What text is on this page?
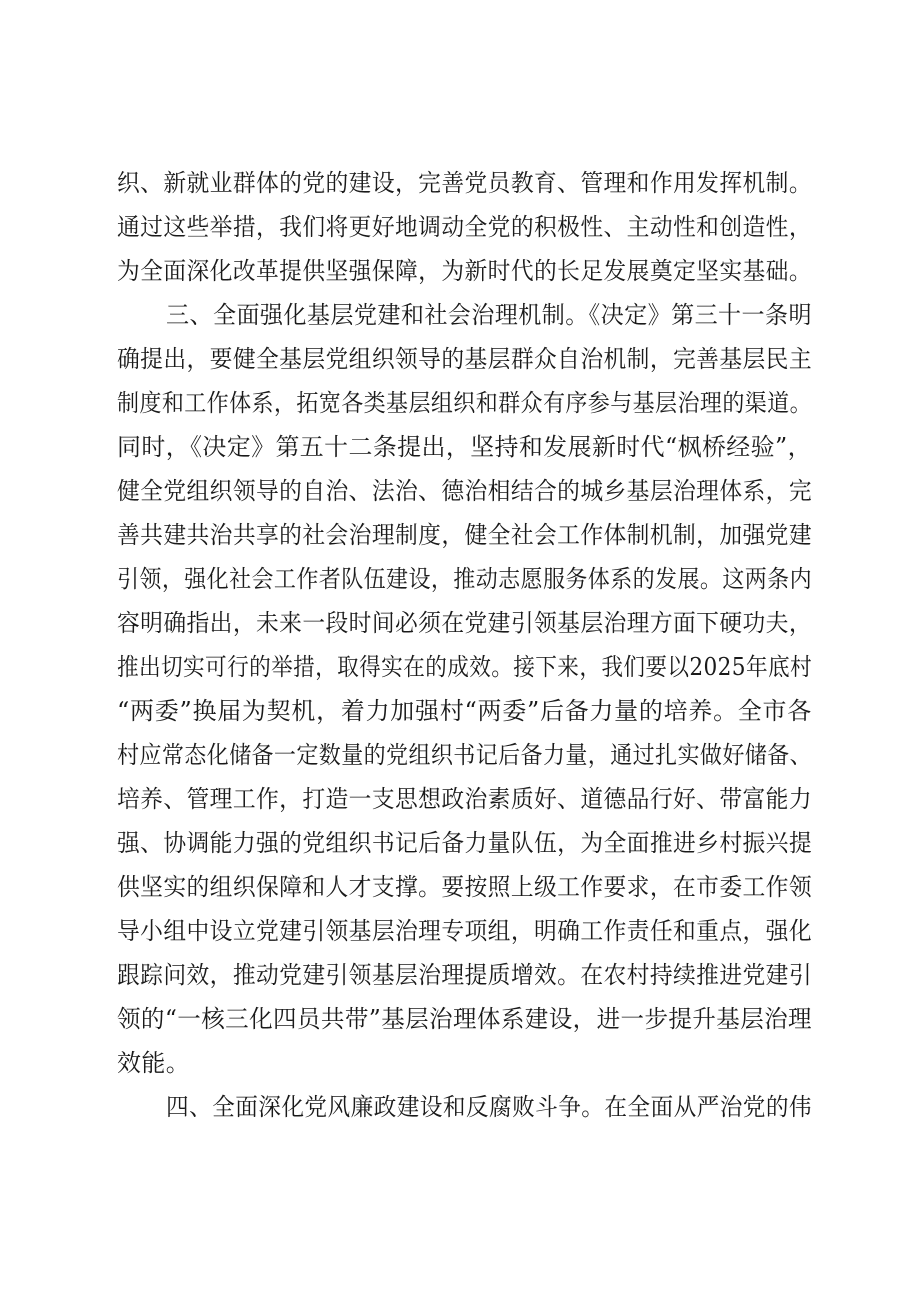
织、新就业群体的党的建设，完善党员教育、管理和作用发挥机制。
通过这些举措，我们将更好地调动全党的积极性、主动性和创造性，
为全面深化改革提供坚强保障，为新时代的长足发展奠定坚实基础。
三、全面强化基层党建和社会治理机制。《决定》第三十一条明
确提出，要健全基层党组织领导的基层群众自治机制，完善基层民主
制度和工作体系，拓宽各类基层组织和群众有序参与基层治理的渠道。
同时，《决定》第五十二条提出，坚持和发展新时代“枫桥经验”，
健全党组织领导的自治、法治、德治相结合的城乡基层治理体系，完
善共建共治共享的社会治理制度，健全社会工作体制机制，加强党建
引领，强化社会工作者队伍建设，推动志愿服务体系的发展。这两条内
容明确指出，未来一段时间必须在党建引领基层治理方面下硬功夫，
推出切实可行的举措，取得实在的成效。接下来，我们要以2025年底村
“两委”换届为契机，着力加强村“两委”后备力量的培养。全市各
村应常态化储备一定数量的党组织书记后备力量，通过扎实做好储备、
培养、管理工作，打造一支思想政治素质好、道德品行好、带富能力
强、协调能力强的党组织书记后备力量队伍，为全面推进乡村振兴提
供坚实的组织保障和人才支撑。要按照上级工作要求，在市委工作领
导小组中设立党建引领基层治理专项组，明确工作责任和重点，强化
跟踪问效，推动党建引领基层治理提质增效。在农村持续推进党建引
领的“一核三化四员共带”基层治理体系建设，进一步提升基层治理
效能。
四、全面深化党风廉政建设和反腐败斗争。在全面从严治党的伟
